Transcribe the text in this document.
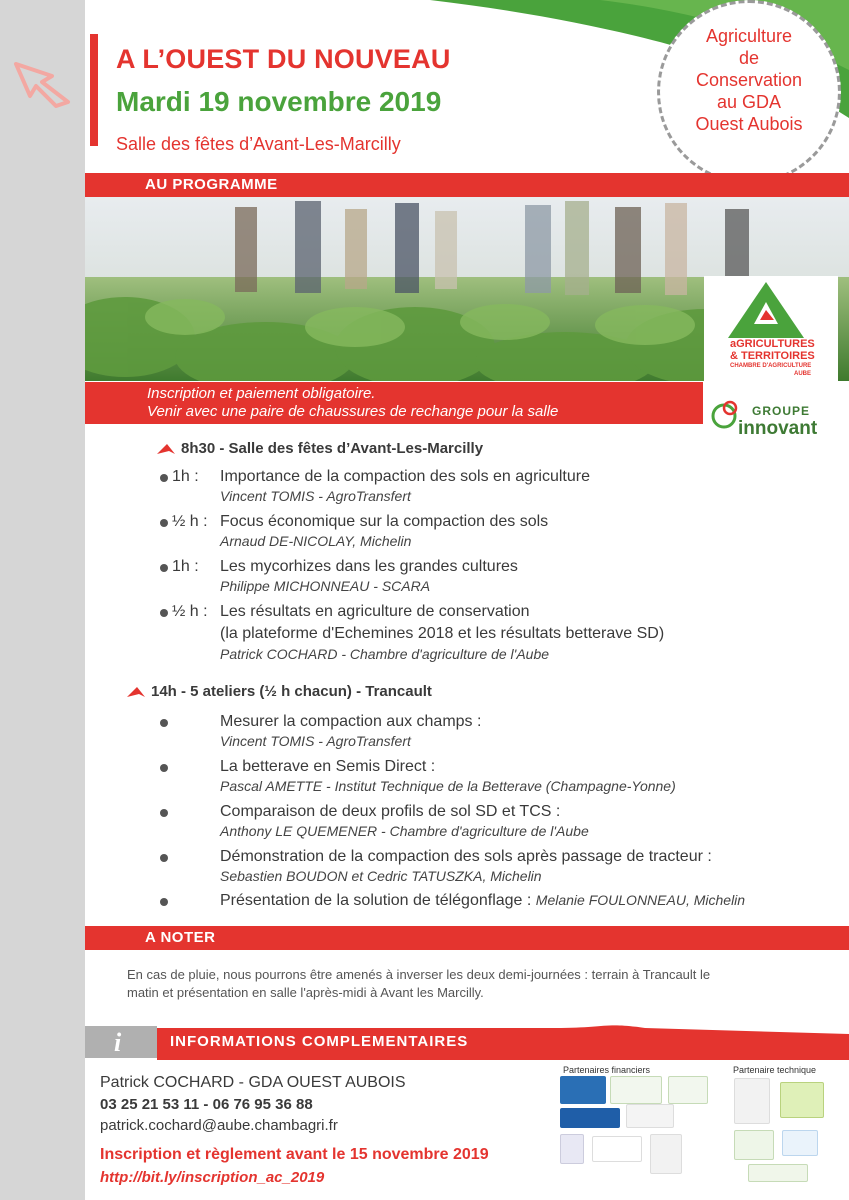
A L’OUEST DU NOUVEAU
Mardi 19 novembre 2019
Salle des fêtes d’Avant-Les-Marcilly
Agriculture
de
Conservation
au GDA
Ouest Aubois
AU PROGRAMME
aGRICULTURES
& TERRITOIRES
CHAMBRE D'AGRICULTURE
AUBE
Inscription et paiement obligatoire.
Venir avec une paire de chaussures de rechange pour la salle	GROUPE
innovant
8h30 - Salle des fêtes d’Avant-Les-Marcilly
1h : Importance de la compaction des sols en agriculture
Vincent TOMIS - AgroTransfert
½ h : Focus économique sur la compaction des sols
Arnaud DE-NICOLAY, Michelin
1h : Les mycorhizes dans les grandes cultures
Philippe MICHONNEAU - SCARA
½ h : Les résultats en agriculture de conservation
(la plateforme d'Echemines 2018 et les résultats betterave SD)
Patrick COCHARD - Chambre d'agriculture de l'Aube
14h - 5 ateliers (½ h chacun) - Trancault
Mesurer la compaction aux champs :
Vincent TOMIS - AgroTransfert
La betterave en Semis Direct :
Pascal AMETTE - Institut Technique de la Betterave (Champagne-Yonne)
Comparaison de deux profils de sol SD et TCS :
Anthony LE QUEMENER - Chambre d'agriculture de l'Aube
Démonstration de la compaction des sols après passage de tracteur :
Sebastien BOUDON et Cedric TATUSZKA, Michelin
Présentation de la solution de télégonflage : Melanie FOULONNEAU, Michelin
A NOTER
En cas de pluie, nous pourrons être amenés à inverser les deux demi-journées : terrain à Trancault le
matin et présentation en salle l'après-midi à Avant les Marcilly.
i	INFORMATIONS COMPLEMENTAIRES
Patrick COCHARD - GDA OUEST AUBOIS
03 25 21 53 11 - 06 76 95 36 88
patrick.cochard@aube.chambagri.fr
Inscription et règlement avant le 15 novembre 2019
http://bit.ly/inscription_ac_2019
Partenaires financiers	Partenaire technique
